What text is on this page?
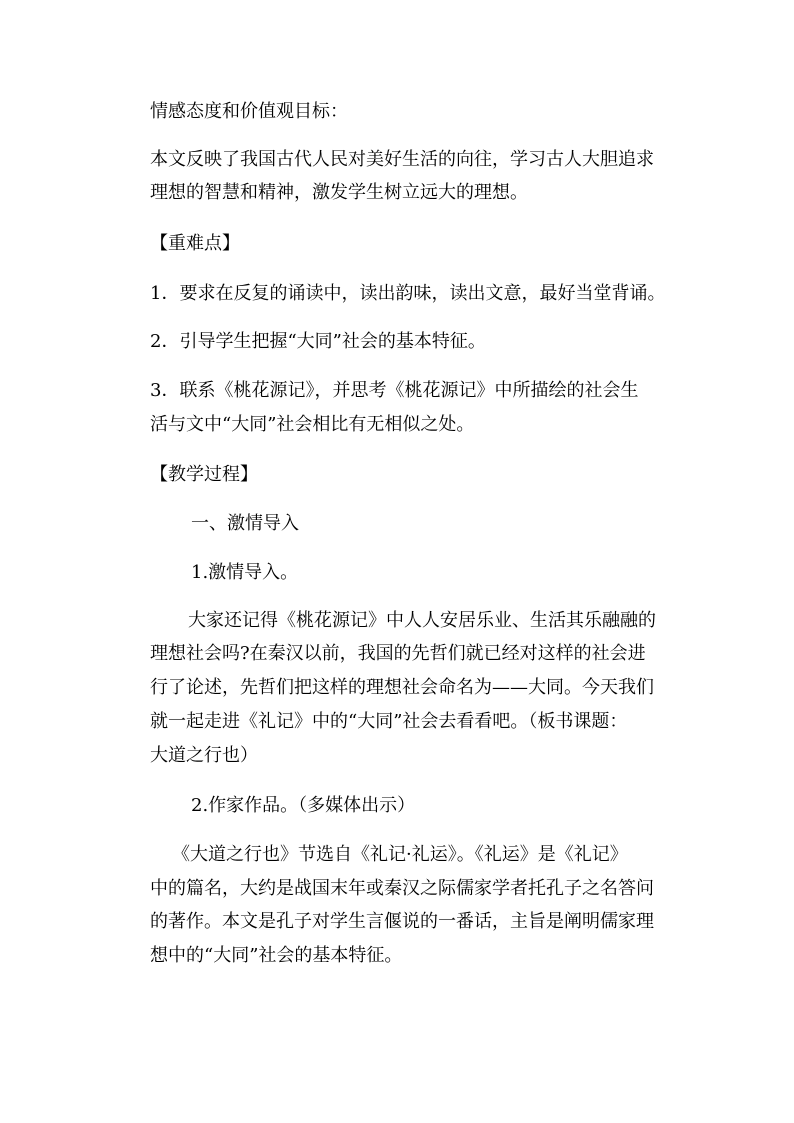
情感态度和价值观目标：

本文反映了我国古代人民对美好生活的向往，学习古人大胆追求

理想的智慧和精神，激发学生树立远大的理想。

【重难点】

1．要求在反复的诵读中，读出韵味，读出文意，最好当堂背诵。

2．引导学生把握“大同”社会的基本特征。

3．联系《桃花源记》，并思考《桃花源记》中所描绘的社会生

活与文中“大同”社会相比有无相似之处。

【教学过程】

一、激情导入

1.激情导入。

大家还记得《桃花源记》中人人安居乐业、生活其乐融融的

理想社会吗?在秦汉以前，我国的先哲们就已经对这样的社会进

行了论述，先哲们把这样的理想社会命名为——大同。今天我们

就一起走进《礼记》中的“大同”社会去看看吧。（板书课题：

大道之行也）

2.作家作品。（多媒体出示）

《大道之行也》节选自《礼记·礼运》。《礼运》是《礼记》

中的篇名，大约是战国末年或秦汉之际儒家学者托孔子之名答问

的著作。本文是孔子对学生言偃说的一番话，主旨是阐明儒家理

想中的“大同”社会的基本特征。
